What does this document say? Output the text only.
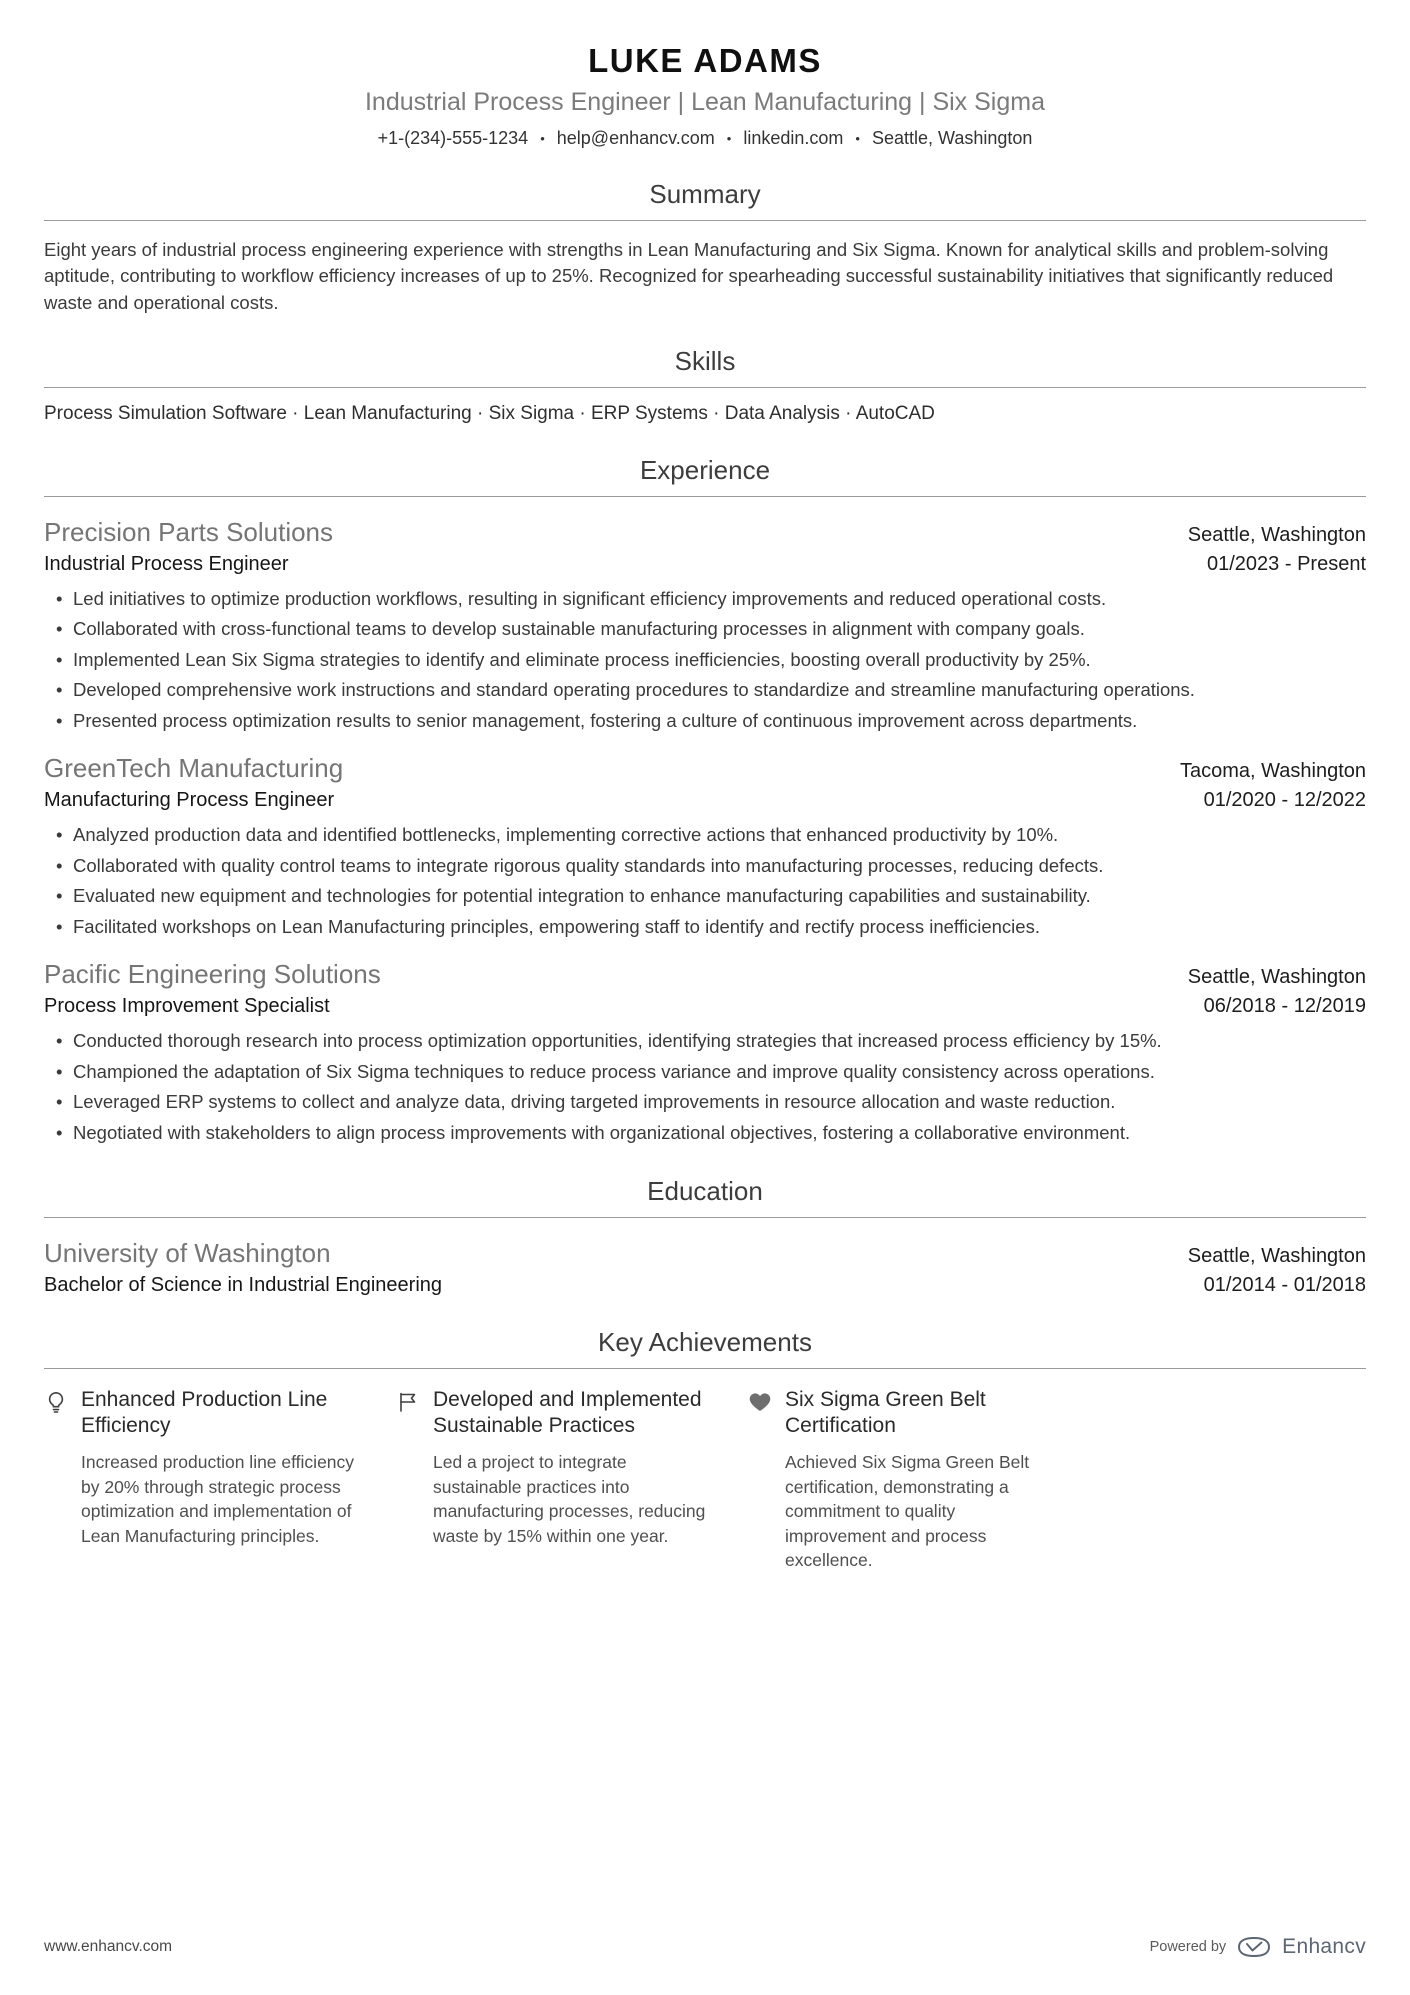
LUKE ADAMS
Industrial Process Engineer | Lean Manufacturing | Six Sigma
+1-(234)-555-1234 • help@enhancv.com • linkedin.com • Seattle, Washington
Summary

Eight years of industrial process engineering experience with strengths in Lean Manufacturing and Six Sigma. Known for analytical skills and problem-solving aptitude, contributing to workflow efficiency increases of up to 25%. Recognized for spearheading successful sustainability initiatives that significantly reduced waste and operational costs.

Skills

Process Simulation Software · Lean Manufacturing · Six Sigma · ERP Systems · Data Analysis · AutoCAD

Experience
Precision Parts Solutions	Seattle, Washington
Industrial Process Engineer	01/2023 - Present
• Led initiatives to optimize production workflows, resulting in significant efficiency improvements and reduced operational costs.
• Collaborated with cross-functional teams to develop sustainable manufacturing processes in alignment with company goals.
• Implemented Lean Six Sigma strategies to identify and eliminate process inefficiencies, boosting overall productivity by 25%.
• Developed comprehensive work instructions and standard operating procedures to standardize and streamline manufacturing operations.
• Presented process optimization results to senior management, fostering a culture of continuous improvement across departments.
GreenTech Manufacturing	Tacoma, Washington
Manufacturing Process Engineer	01/2020 - 12/2022
• Analyzed production data and identified bottlenecks, implementing corrective actions that enhanced productivity by 10%.
• Collaborated with quality control teams to integrate rigorous quality standards into manufacturing processes, reducing defects.
• Evaluated new equipment and technologies for potential integration to enhance manufacturing capabilities and sustainability.
• Facilitated workshops on Lean Manufacturing principles, empowering staff to identify and rectify process inefficiencies.
Pacific Engineering Solutions	Seattle, Washington
Process Improvement Specialist	06/2018 - 12/2019
• Conducted thorough research into process optimization opportunities, identifying strategies that increased process efficiency by 15%.
• Championed the adaptation of Six Sigma techniques to reduce process variance and improve quality consistency across operations.
• Leveraged ERP systems to collect and analyze data, driving targeted improvements in resource allocation and waste reduction.
• Negotiated with stakeholders to align process improvements with organizational objectives, fostering a collaborative environment.
Education
University of Washington	Seattle, Washington
Bachelor of Science in Industrial Engineering	01/2014 - 01/2018
Key Achievements
Enhanced Production Line Efficiency

Increased production line efficiency by 20% through strategic process optimization and implementation of Lean Manufacturing principles.

Developed and Implemented Sustainable Practices

Led a project to integrate sustainable practices into manufacturing processes, reducing waste by 15% within one year.

Six Sigma Green Belt Certification

Achieved Six Sigma Green Belt certification, demonstrating a commitment to quality improvement and process excellence.

www.enhancv.com	Powered by	Enhancv
